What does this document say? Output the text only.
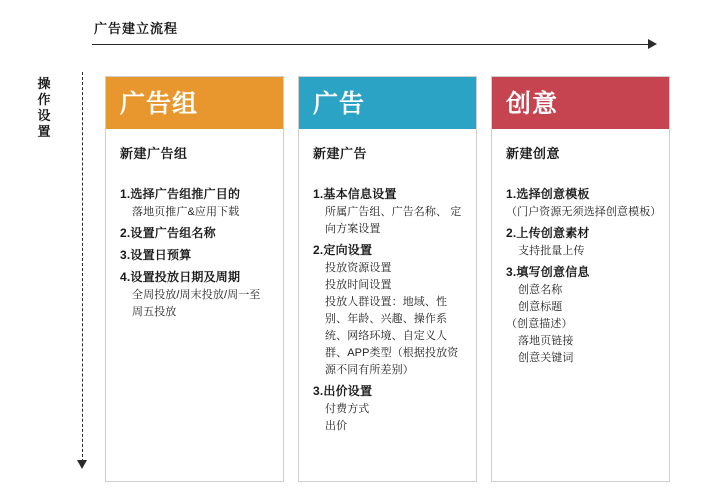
广告建立流程
操作设置
广告组
新建广告组
1.选择广告组推广目的
落地页推广&应用下载
2.设置广告组名称
3.设置日预算
4.设置投放日期及周期
全周投放/周末投放/周一至周五投放
广告
新建广告
1.基本信息设置
所属广告组、广告名称、 定向方案设置
2.定向设置
投放资源设置
投放时间设置
投放人群设置：地域、性别、年龄、兴趣、操作系统、网络环境、自定义人群、APP类型（根据投放资源不同有所差别）
3.出价设置
付费方式
出价
创意
新建创意
1.选择创意模板
（门户资源无须选择创意模板）
2.上传创意素材
支持批量上传
3.填写创意信息
创意名称
创意标题
（创意描述）
落地页链接
创意关键词
